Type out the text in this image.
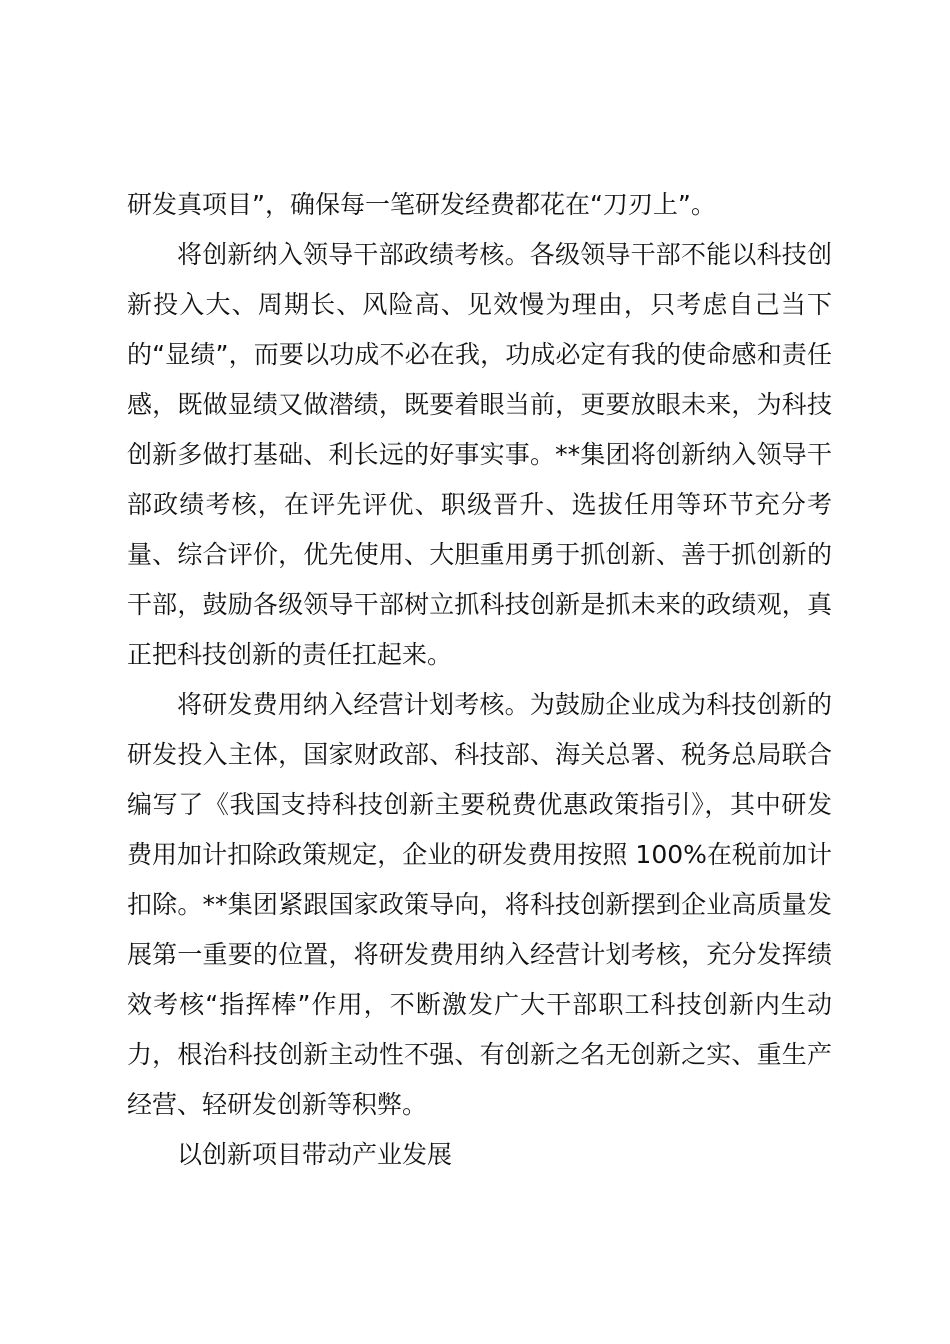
研发真项目”，确保每一笔研发经费都花在“刀刃上”。

将创新纳入领导干部政绩考核。各级领导干部不能以科技创新投入大、周期长、风险高、见效慢为理由，只考虑自己当下的“显绩”，而要以功成不必在我，功成必定有我的使命感和责任感，既做显绩又做潜绩，既要着眼当前，更要放眼未来，为科技创新多做打基础、利长远的好事实事。**集团将创新纳入领导干部政绩考核，在评先评优、职级晋升、选拔任用等环节充分考量、综合评价，优先使用、大胆重用勇于抓创新、善于抓创新的干部，鼓励各级领导干部树立抓科技创新是抓未来的政绩观，真正把科技创新的责任扛起来。

将研发费用纳入经营计划考核。为鼓励企业成为科技创新的研发投入主体，国家财政部、科技部、海关总署、税务总局联合编写了《我国支持科技创新主要税费优惠政策指引》，其中研发费用加计扣除政策规定，企业的研发费用按照 100%在税前加计扣除。**集团紧跟国家政策导向，将科技创新摆到企业高质量发展第一重要的位置，将研发费用纳入经营计划考核，充分发挥绩效考核“指挥棒”作用，不断激发广大干部职工科技创新内生动力，根治科技创新主动性不强、有创新之名无创新之实、重生产经营、轻研发创新等积弊。

以创新项目带动产业发展
